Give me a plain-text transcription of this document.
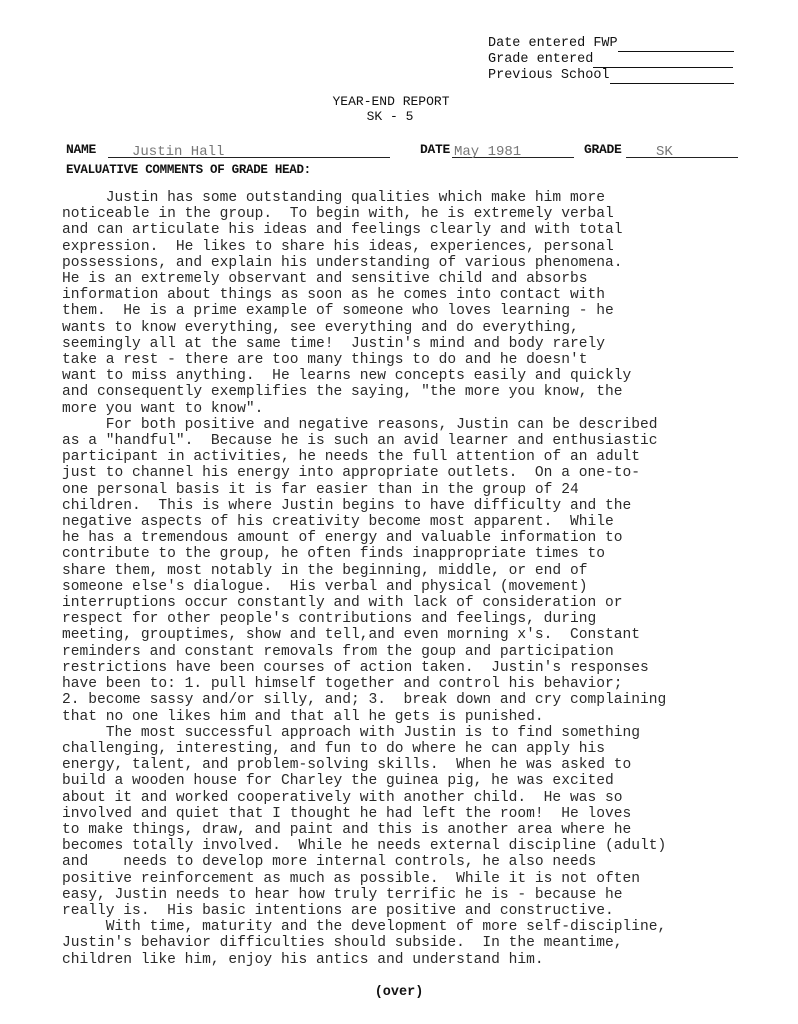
Date entered FWP
Grade entered
Previous School
YEAR-END REPORT
SK - 5
NAME	Justin Hall	DATE May 1981	GRADE SK
EVALUATIVE COMMENTS OF GRADE HEAD:

Justin has some outstanding qualities which make him more

noticeable in the group.  To begin with, he is extremely verbal

and can articulate his ideas and feelings clearly and with total

expression.  He likes to share his ideas, experiences, personal

possessions, and explain his understanding of various phenomena.

He is an extremely observant and sensitive child and absorbs

information about things as soon as he comes into contact with

them.  He is a prime example of someone who loves learning - he

wants to know everything, see everything and do everything,

seemingly all at the same time!  Justin's mind and body rarely

take a rest - there are too many things to do and he doesn't

want to miss anything.  He learns new concepts easily and quickly

and consequently exemplifies the saying, "the more you know, the

more you want to know".

For both positive and negative reasons, Justin can be described

as a "handful".  Because he is such an avid learner and enthusiastic

participant in activities, he needs the full attention of an adult

just to channel his energy into appropriate outlets.  On a one-to-

one personal basis it is far easier than in the group of 24

children.  This is where Justin begins to have difficulty and the

negative aspects of his creativity become most apparent.  While

he has a tremendous amount of energy and valuable information to

contribute to the group, he often finds inappropriate times to

share them, most notably in the beginning, middle, or end of

someone else's dialogue.  His verbal and physical (movement)

interruptions occur constantly and with lack of consideration or

respect for other people's contributions and feelings, during

meeting, grouptimes, show and tell,and even morning x's.  Constant

reminders and constant removals from the goup and participation

restrictions have been courses of action taken.  Justin's responses

have been to: 1. pull himself together and control his behavior;

2. become sassy and/or silly, and; 3.  break down and cry complaining

that no one likes him and that all he gets is punished.

The most successful approach with Justin is to find something

challenging, interesting, and fun to do where he can apply his

energy, talent, and problem-solving skills.  When he was asked to

build a wooden house for Charley the guinea pig, he was excited

about it and worked cooperatively with another child.  He was so

involved and quiet that I thought he had left the room!  He loves

to make things, draw, and paint and this is another area where he

becomes totally involved.  While he needs external discipline (adult)

and    needs to develop more internal controls, he also needs

positive reinforcement as much as possible.  While it is not often

easy, Justin needs to hear how truly terrific he is - because he

really is.  His basic intentions are positive and constructive.

With time, maturity and the development of more self-discipline,

Justin's behavior difficulties should subside.  In the meantime,

children like him, enjoy his antics and understand him.

(over)
